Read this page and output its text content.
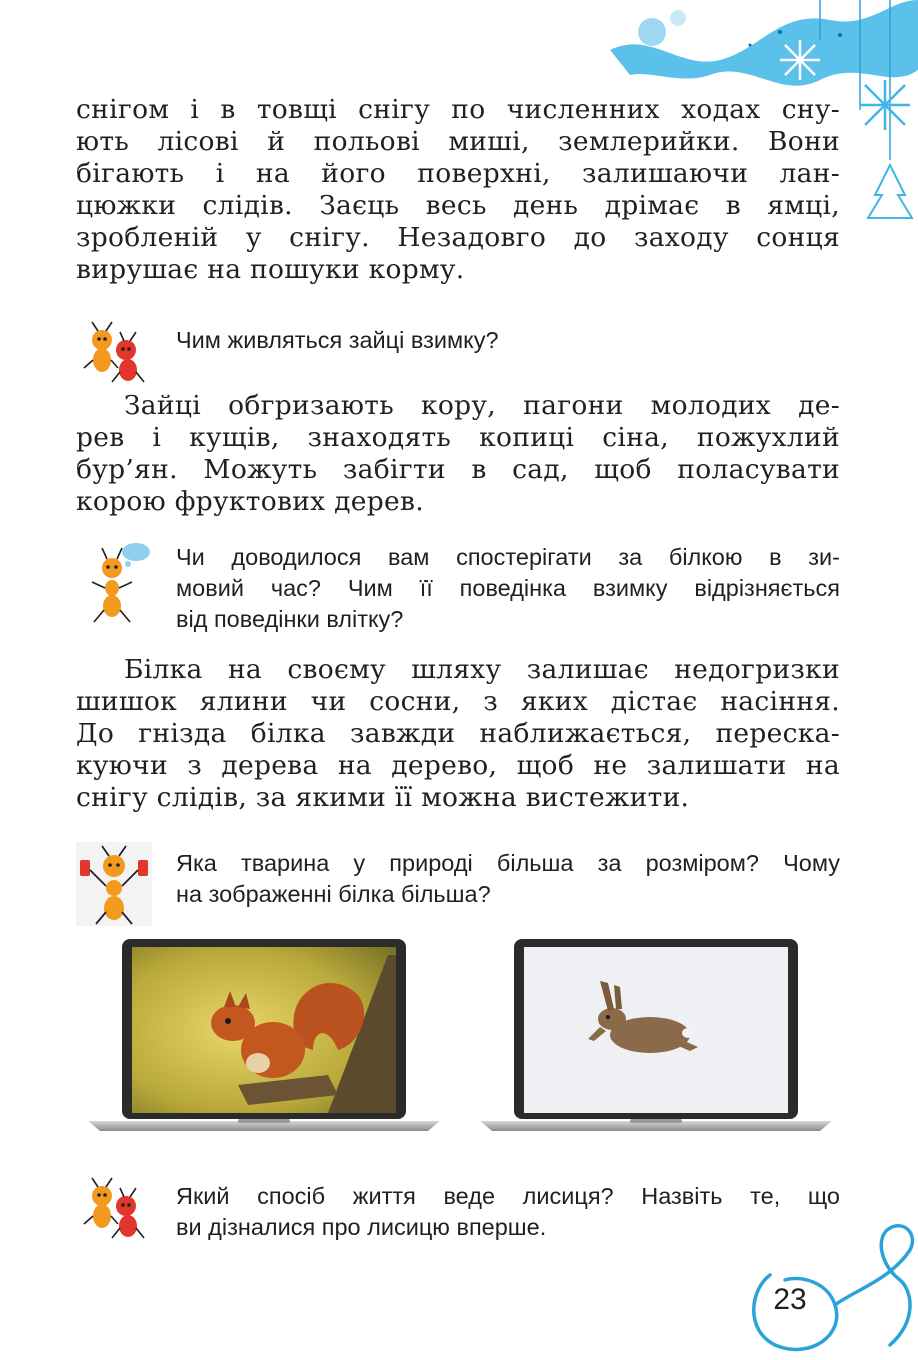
снігом і в товщі снігу по численних ходах сну-
ють лісові й польові миші, землерийки. Вони
бігають і на його поверхні, залишаючи лан-
цюжки слідів. Заєць весь день дрімає в ямці,
зробленій у снігу. Незадовго до заходу сонця
вирушає на пошуки корму.
Чим живляться зайці взимку?
Зайці обгризають кору, пагони молодих де-
рев і кущів, знаходять копиці сіна, пожухлий
бур’ян. Можуть забігти в сад, щоб поласувати
корою фруктових дерев.
Чи доводилося вам спостерігати за білкою в зи-
мовий час? Чим її поведінка взимку відрізняється
від поведінки влітку?
Білка на своєму шляху залишає недогризки
шишок ялини чи сосни, з яких дістає насіння.
До гнізда білка завжди наближається, переска-
куючи з дерева на дерево, щоб не залишати на
снігу слідів, за якими її можна вистежити.
Яка тварина у природі більша за розміром? Чому
на зображенні білка більша?
Який спосіб життя веде лисиця? Назвіть те, що
ви дізналися про лисицю вперше.
23
